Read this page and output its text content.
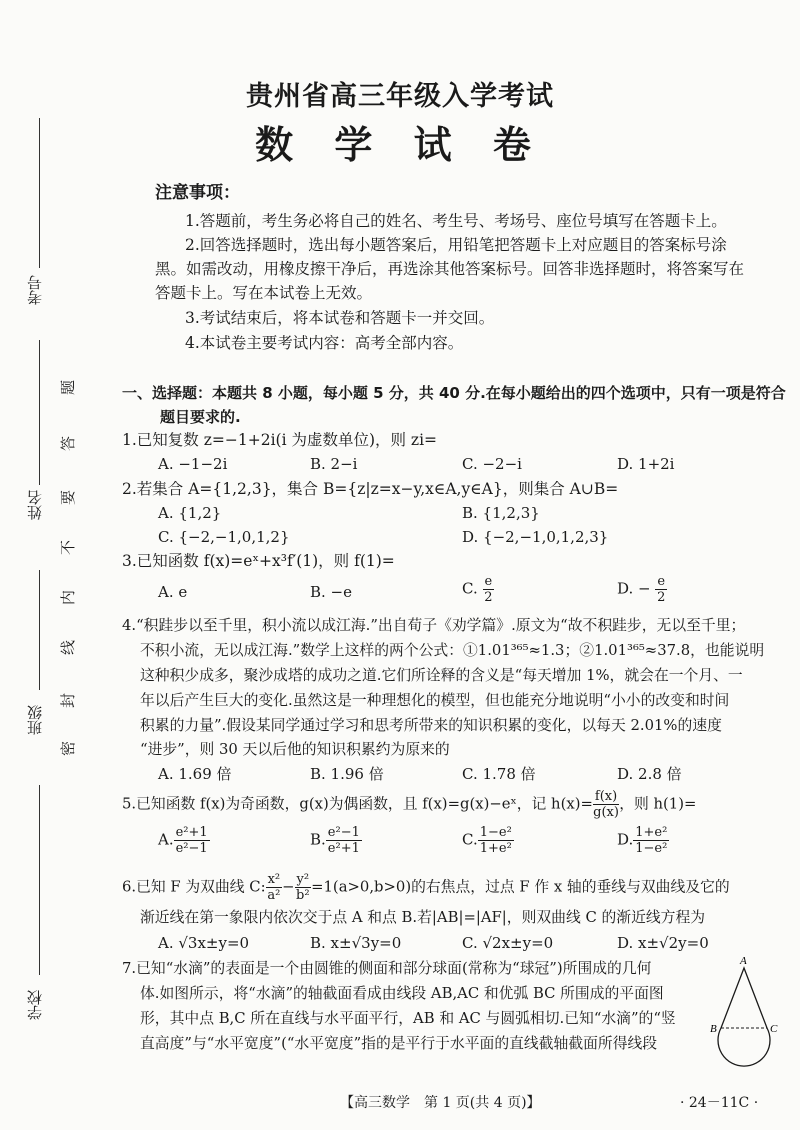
贵州省高三年级入学考试
数 学 试 卷
注意事项：
1.答题前，考生务必将自己的姓名、考生号、考场号、座位号填写在答题卡上。
2.回答选择题时，选出每小题答案后，用铅笔把答题卡上对应题目的答案标号涂
黑。如需改动，用橡皮擦干净后，再选涂其他答案标号。回答非选择题时，将答案写在
答题卡上。写在本试卷上无效。
3.考试结束后，将本试卷和答题卡一并交回。
4.本试卷主要考试内容：高考全部内容。
一、选择题：本题共 8 小题，每小题 5 分，共 40 分.在每小题给出的四个选项中，只有一项是符合
题目要求的.
1.已知复数 z=−1+2i(i 为虚数单位)，则 zi=
A. −1−2i	B. 2−i	C. −2−i	D. 1+2i
2.若集合 A={1,2,3}，集合 B={z|z=x−y,x∈A,y∈A}，则集合 A∪B=
A. {1,2}	B. {1,2,3}
C. {−2,−1,0,1,2}	D. {−2,−1,0,1,2,3}
3.已知函数 f(x)=eˣ+x³f′(1)，则 f(1)=
A. e	B. −e	C. $\frac{e}{2}$	D. − $\frac{e}{2}$
4.“积跬步以至千里，积小流以成江海.”出自荀子《劝学篇》.原文为“故不积跬步，无以至千里；
不积小流，无以成江海.”数学上这样的两个公式：①1.01³⁶⁵≈1.3；②1.01³⁶⁵≈37.8，也能说明
这种积少成多，聚沙成塔的成功之道.它们所诠释的含义是“每天增加 1%，就会在一个月、一
年以后产生巨大的变化.虽然这是一种理想化的模型，但也能充分地说明“小小的改变和时间
积累的力量”.假设某同学通过学习和思考所带来的知识积累的变化，以每天 2.01%的速度
“进步”，则 30 天以后他的知识积累约为原来的
A. 1.69 倍	B. 1.96 倍	C. 1.78 倍	D. 2.8 倍
5.已知函数 f(x)为奇函数，g(x)为偶函数，且 f(x)=g(x)−eˣ，记 $h(x)= \frac{f(x)}{g(x)}$ ，则 h(1)=
A. $\frac{\text{e²+1}}{\text{e²−1}}$	B. $\frac{\text{e²−1}}{\text{e²+1}}$	C. $\frac{\text{1−e²}}{\text{1+e²}}$	D. $\frac{\text{1+e²}}{\text{1−e²}}$
6.已知 F 为双曲线 C: $\frac{\text{x²}}{\text{a²}} - \frac{\text{y²}}{\text{b²}} =1(a>0,b>0)$的右焦点，过点 F 作 x 轴的垂线与双曲线及它的
渐近线在第一象限内依次交于点 A 和点 B.若|AB|=|AF|，则双曲线 C 的渐近线方程为
A. √3x±y=0	B. x±√3y=0	C. √2x±y=0	D. x±√2y=0
7.已知“水滴”的表面是一个由圆锥的侧面和部分球面(常称为“球冠”)所围成的几何
体.如图所示，将“水滴”的轴截面看成由线段 AB,AC 和优弧 BC 所围成的平面图
形，其中点 B,C 所在直线与水平面平行，AB 和 AC 与圆弧相切.已知“水滴”的“竖
直高度”与“水平宽度”(“水平宽度”指的是平行于水平面的直线截轴截面所得线段
A
B	C
考号
姓名
班级
学校
题
答
要
不
内
线
封
密
【高三数学　第 1 页(共 4 页)】	· 24－11C ·
